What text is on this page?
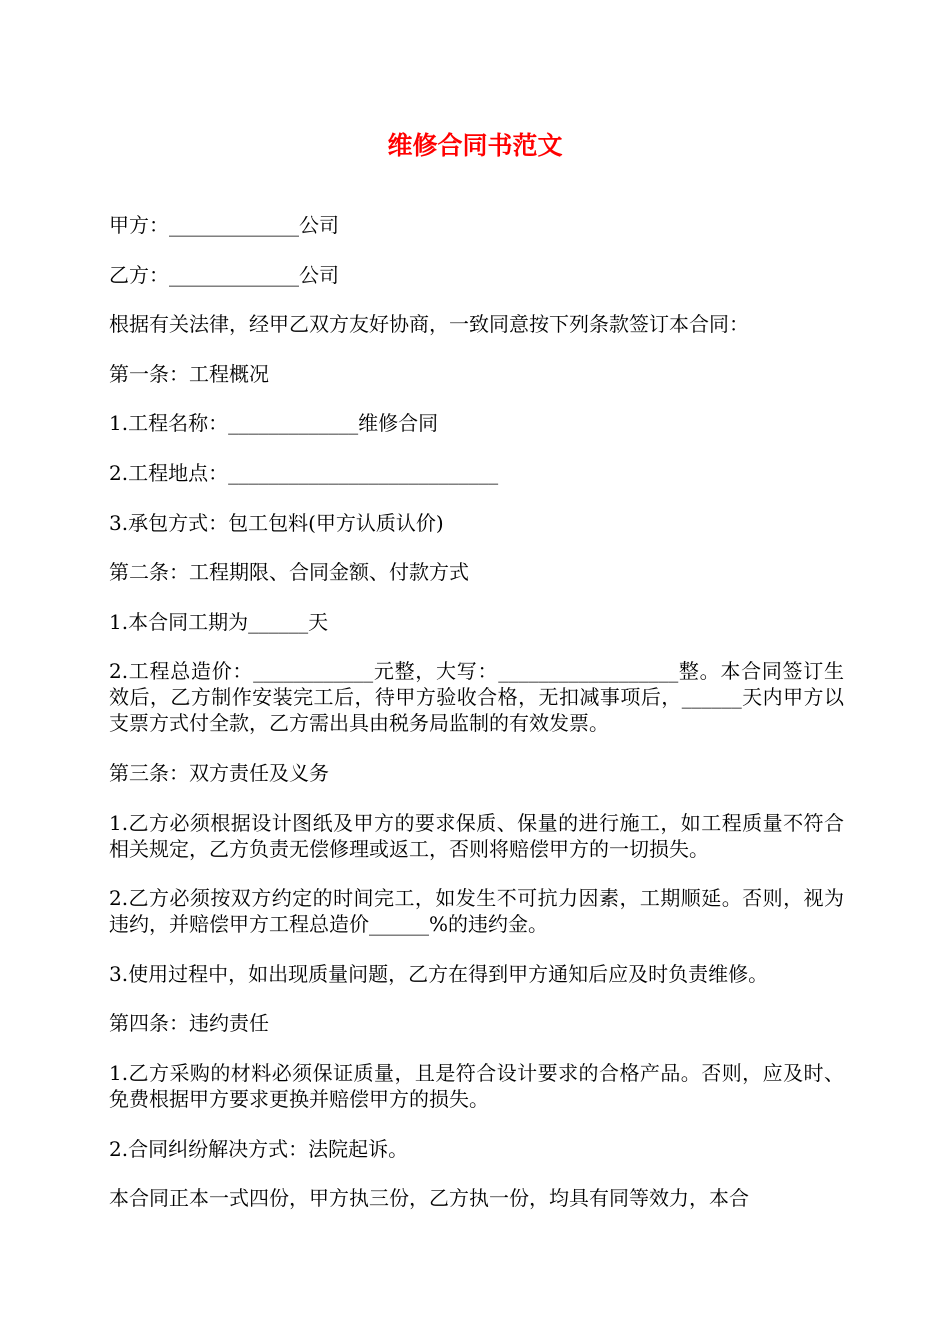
维修合同书范文

甲方：_____________公司

乙方：_____________公司

根据有关法律，经甲乙双方友好协商，一致同意按下列条款签订本合同：

第一条：工程概况

1.工程名称：_____________维修合同

2.工程地点：___________________________

3.承包方式：包工包料(甲方认质认价)

第二条：工程期限、合同金额、付款方式

1.本合同工期为______天

2.工程总造价：____________元整，大写：__________________整。本合同签订生效后，乙方制作安装完工后，待甲方验收合格，无扣减事项后，______天内甲方以支票方式付全款，乙方需出具由税务局监制的有效发票。

第三条：双方责任及义务

1.乙方必须根据设计图纸及甲方的要求保质、保量的进行施工，如工程质量不符合相关规定，乙方负责无偿修理或返工，否则将赔偿甲方的一切损失。

2.乙方必须按双方约定的时间完工，如发生不可抗力因素，工期顺延。否则，视为违约，并赔偿甲方工程总造价______%的违约金。

3.使用过程中，如出现质量问题，乙方在得到甲方通知后应及时负责维修。

第四条：违约责任

1.乙方采购的材料必须保证质量，且是符合设计要求的合格产品。否则，应及时、免费根据甲方要求更换并赔偿甲方的损失。

2.合同纠纷解决方式：法院起诉。

本合同正本一式四份，甲方执三份，乙方执一份，均具有同等效力，本合
